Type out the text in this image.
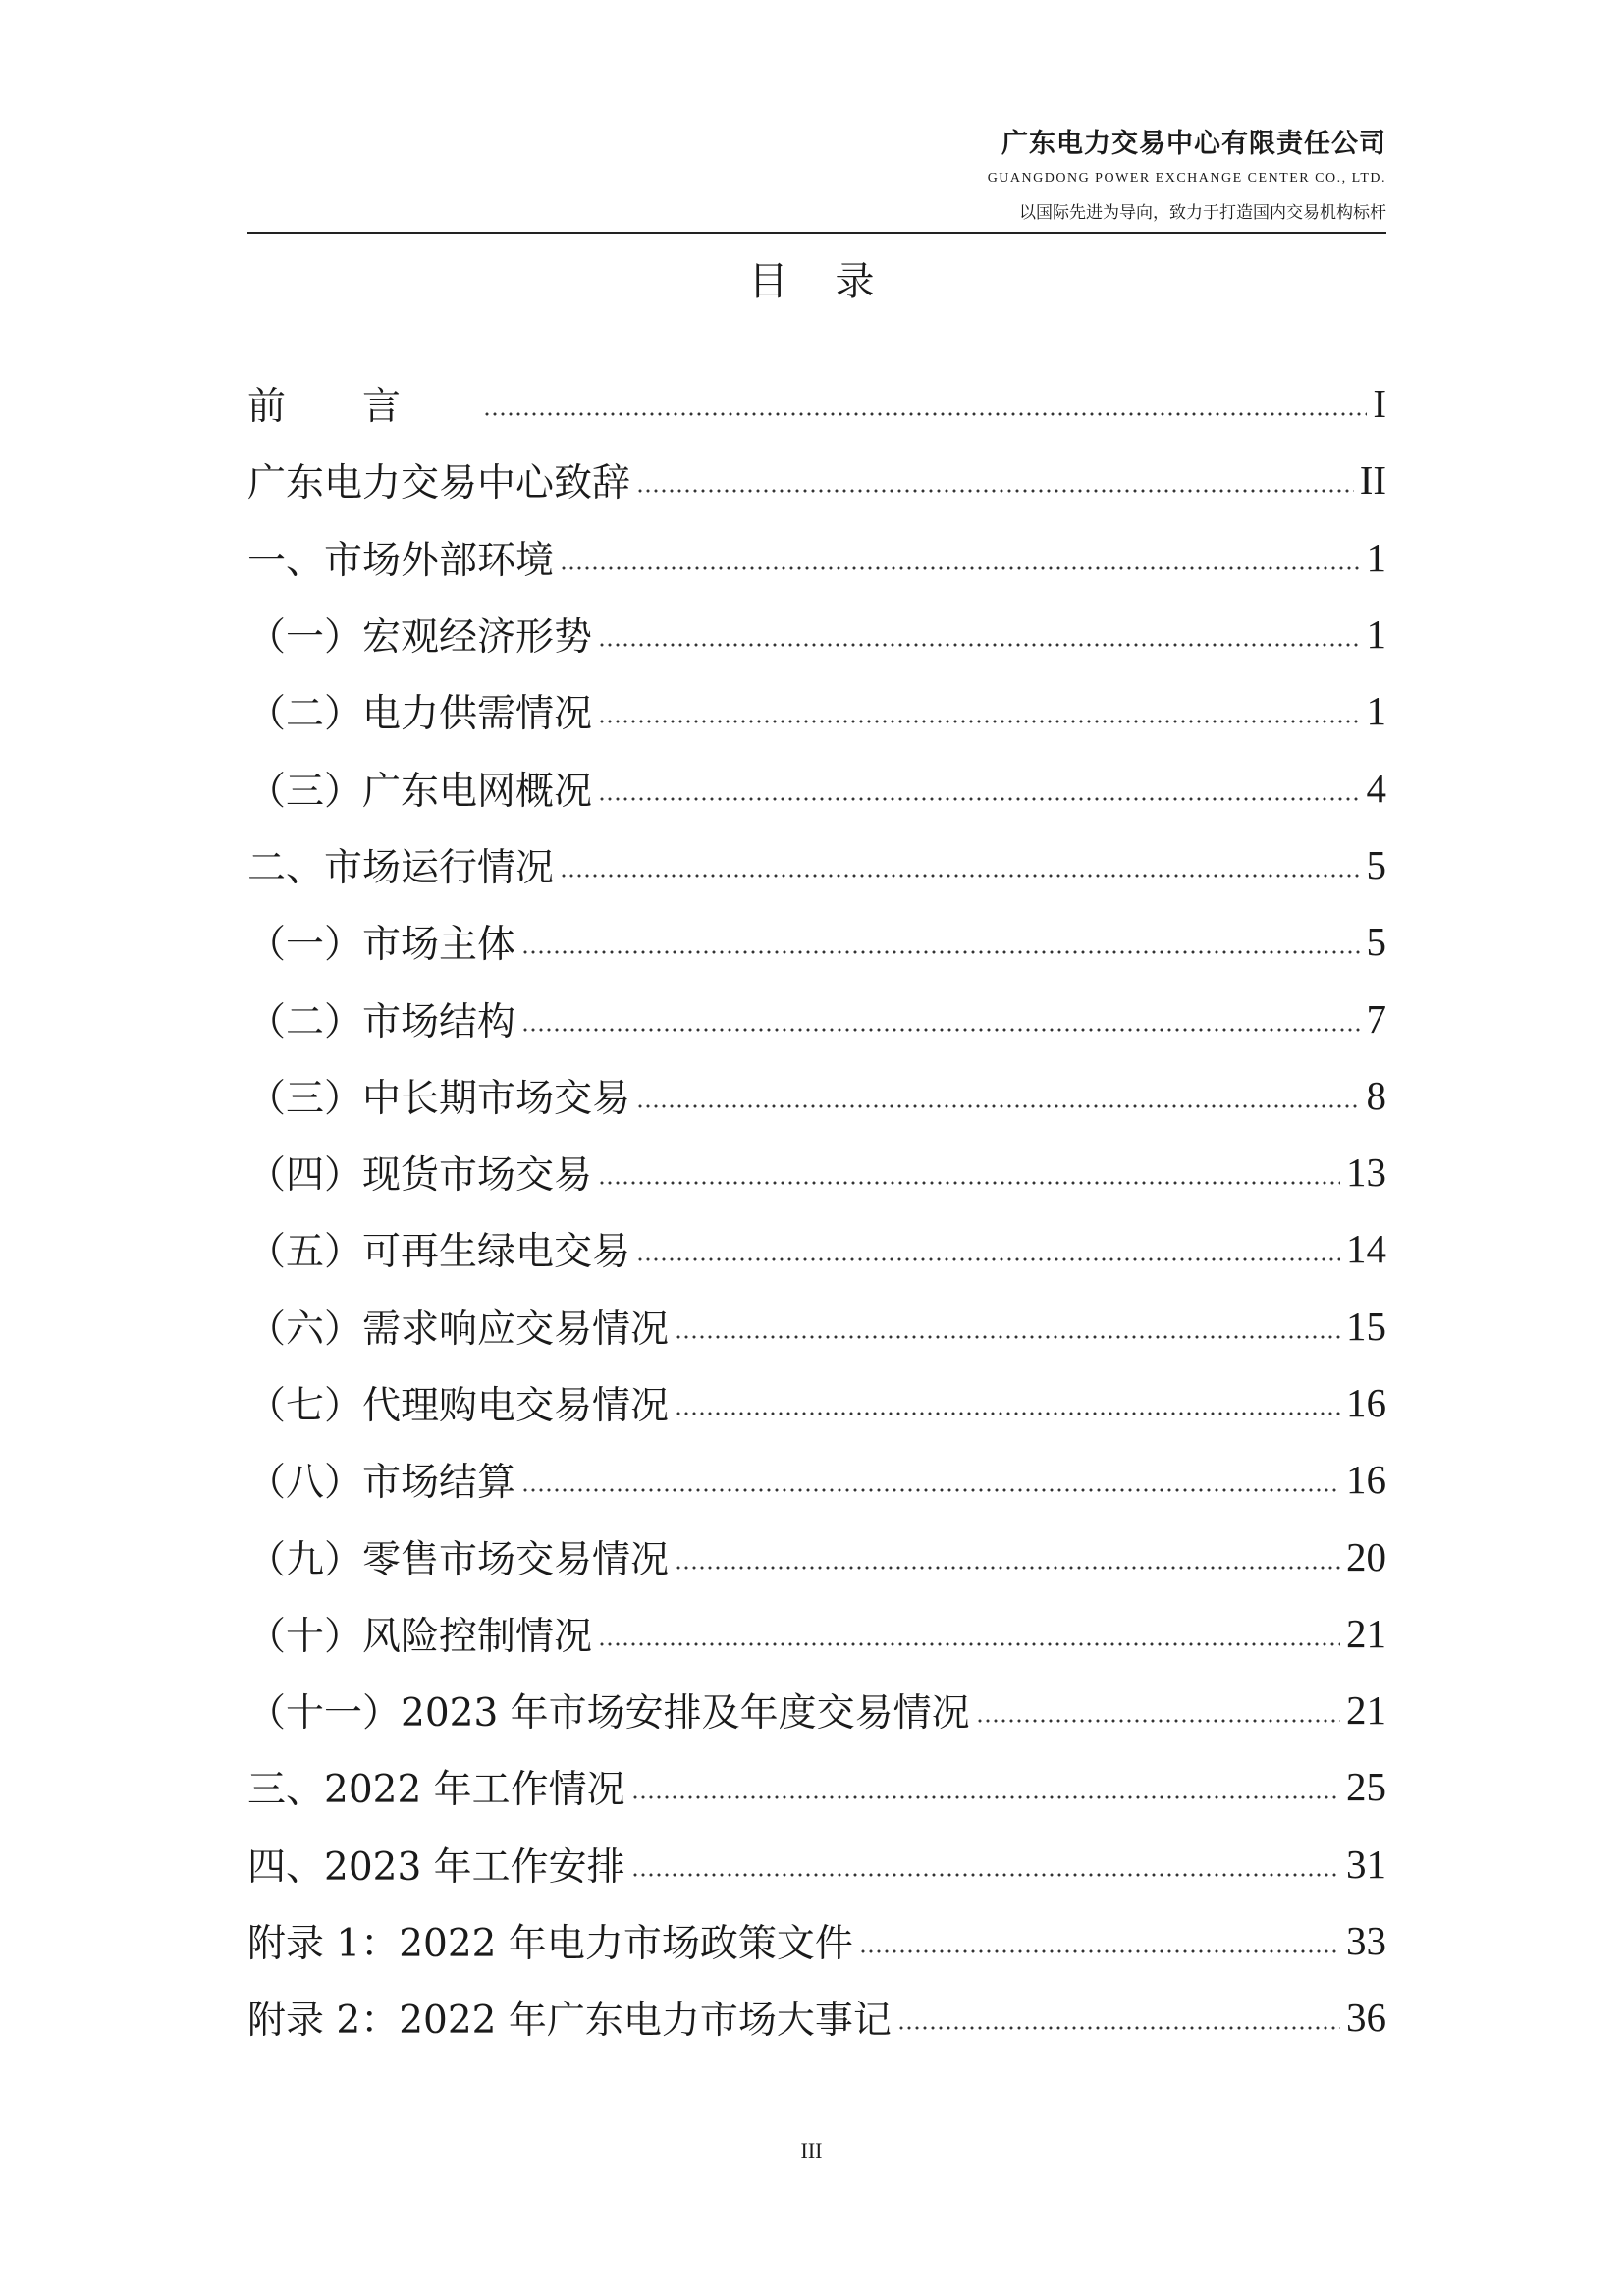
广东电力交易中心有限责任公司
GUANGDONG POWER EXCHANGE CENTER CO., LTD.
以国际先进为导向，致力于打造国内交易机构标杆
目录
前言	I
广东电力交易中心致辞	II
一、市场外部环境	1
（一）宏观经济形势	1
（二）电力供需情况	1
（三）广东电网概况	4
二、市场运行情况	5
（一）市场主体	5
（二）市场结构	7
（三）中长期市场交易	8
（四）现货市场交易	13
（五）可再生绿电交易	14
（六）需求响应交易情况	15
（七）代理购电交易情况	16
（八）市场结算	16
（九）零售市场交易情况	20
（十）风险控制情况	21
（十一）2023 年市场安排及年度交易情况	21
三、2022 年工作情况	25
四、2023 年工作安排	31
附录 1：2022 年电力市场政策文件	33
附录 2：2022 年广东电力市场大事记	36
III
